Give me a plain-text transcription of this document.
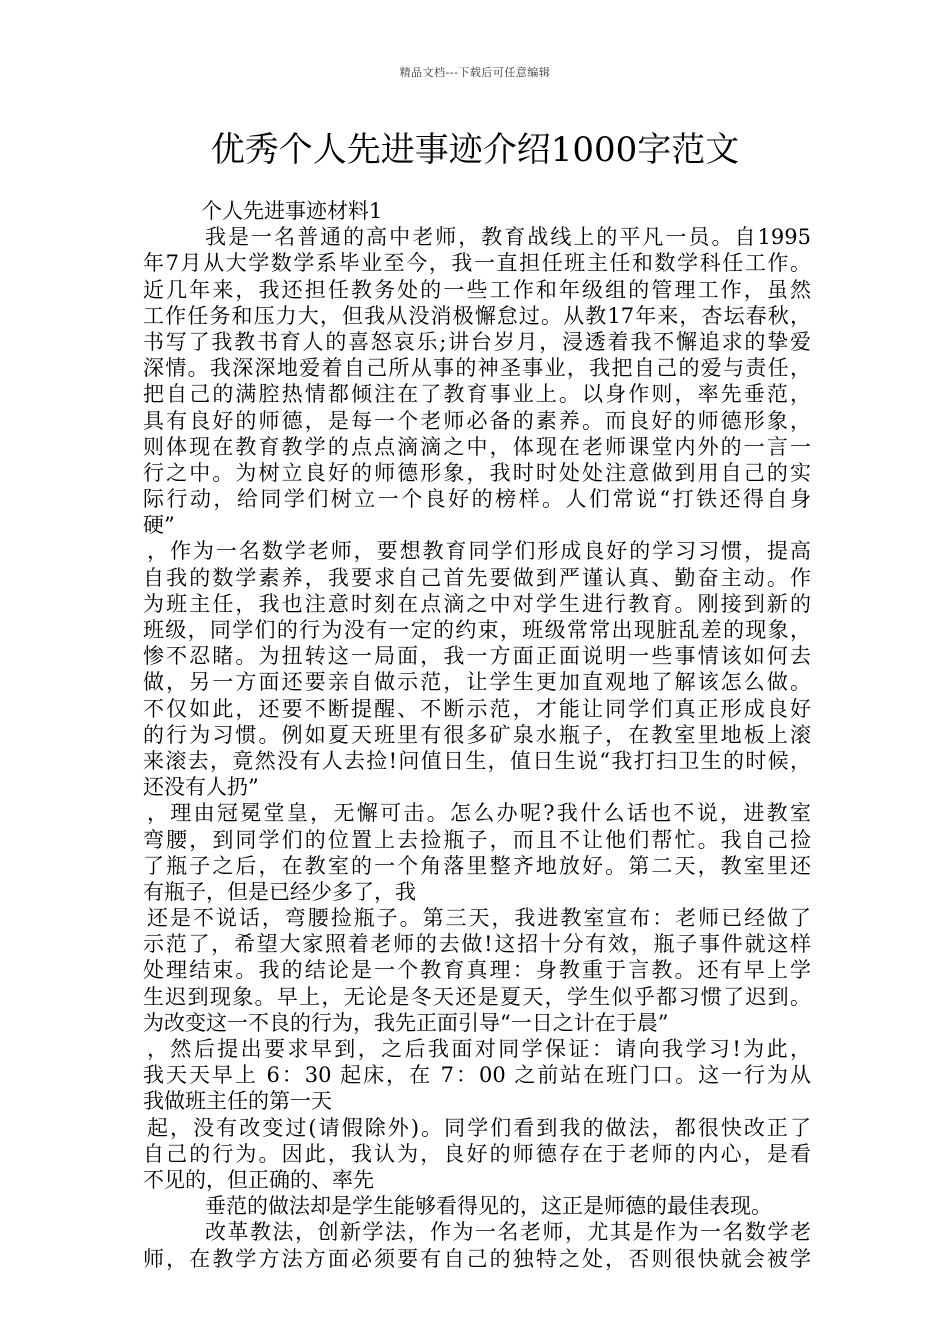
精品文档---下载后可任意编辑
优秀个人先进事迹介绍1000字范文
个人先进事迹材料1
我是一名普通的高中老师，教育战线上的平凡一员。自1995
年7月从大学数学系毕业至今，我一直担任班主任和数学科任工作。
近几年来，我还担任教务处的一些工作和年级组的管理工作，虽然
工作任务和压力大，但我从没消极懈怠过。从教17年来，杏坛春秋，
书写了我教书育人的喜怒哀乐;讲台岁月，浸透着我不懈追求的挚爱
深情。我深深地爱着自己所从事的神圣事业，我把自己的爱与责任，
把自己的满腔热情都倾注在了教育事业上。以身作则，率先垂范，
具有良好的师德，是每一个老师必备的素养。而良好的师德形象，
则体现在教育教学的点点滴滴之中，体现在老师课堂内外的一言一
行之中。为树立良好的师德形象，我时时处处注意做到用自己的实
际行动，给同学们树立一个良好的榜样。人们常说“打铁还得自身
硬”
，作为一名数学老师，要想教育同学们形成良好的学习习惯，提高
自我的数学素养，我要求自己首先要做到严谨认真、勤奋主动。作
为班主任，我也注意时刻在点滴之中对学生进行教育。刚接到新的
班级，同学们的行为没有一定的约束，班级常常出现脏乱差的现象，
惨不忍睹。为扭转这一局面，我一方面正面说明一些事情该如何去
做，另一方面还要亲自做示范，让学生更加直观地了解该怎么做。
不仅如此，还要不断提醒、不断示范，才能让同学们真正形成良好
的行为习惯。例如夏天班里有很多矿泉水瓶子，在教室里地板上滚
来滚去，竟然没有人去捡!问值日生，值日生说“我打扫卫生的时候，
还没有人扔”
，理由冠冕堂皇，无懈可击。怎么办呢?我什么话也不说，进教室
弯腰，到同学们的位置上去捡瓶子，而且不让他们帮忙。我自己捡
了瓶子之后，在教室的一个角落里整齐地放好。第二天，教室里还
有瓶子，但是已经少多了，我
还是不说话，弯腰捡瓶子。第三天，我进教室宣布：老师已经做了
示范了，希望大家照着老师的去做!这招十分有效，瓶子事件就这样
处理结束。我的结论是一个教育真理：身教重于言教。还有早上学
生迟到现象。早上，无论是冬天还是夏天，学生似乎都习惯了迟到。
为改变这一不良的行为，我先正面引导“一日之计在于晨”
，然后提出要求早到，之后我面对同学保证：请向我学习!为此，
我天天早上 6：30 起床，在 7：00 之前站在班门口。这一行为从
我做班主任的第一天
起，没有改变过(请假除外)。同学们看到我的做法，都很快改正了
自己的行为。因此，我认为，良好的师德存在于老师的内心，是看
不见的，但正确的、率先
垂范的做法却是学生能够看得见的，这正是师德的最佳表现。
改革教法，创新学法，作为一名老师，尤其是作为一名数学老
师，在教学方法方面必须要有自己的独特之处，否则很快就会被学
